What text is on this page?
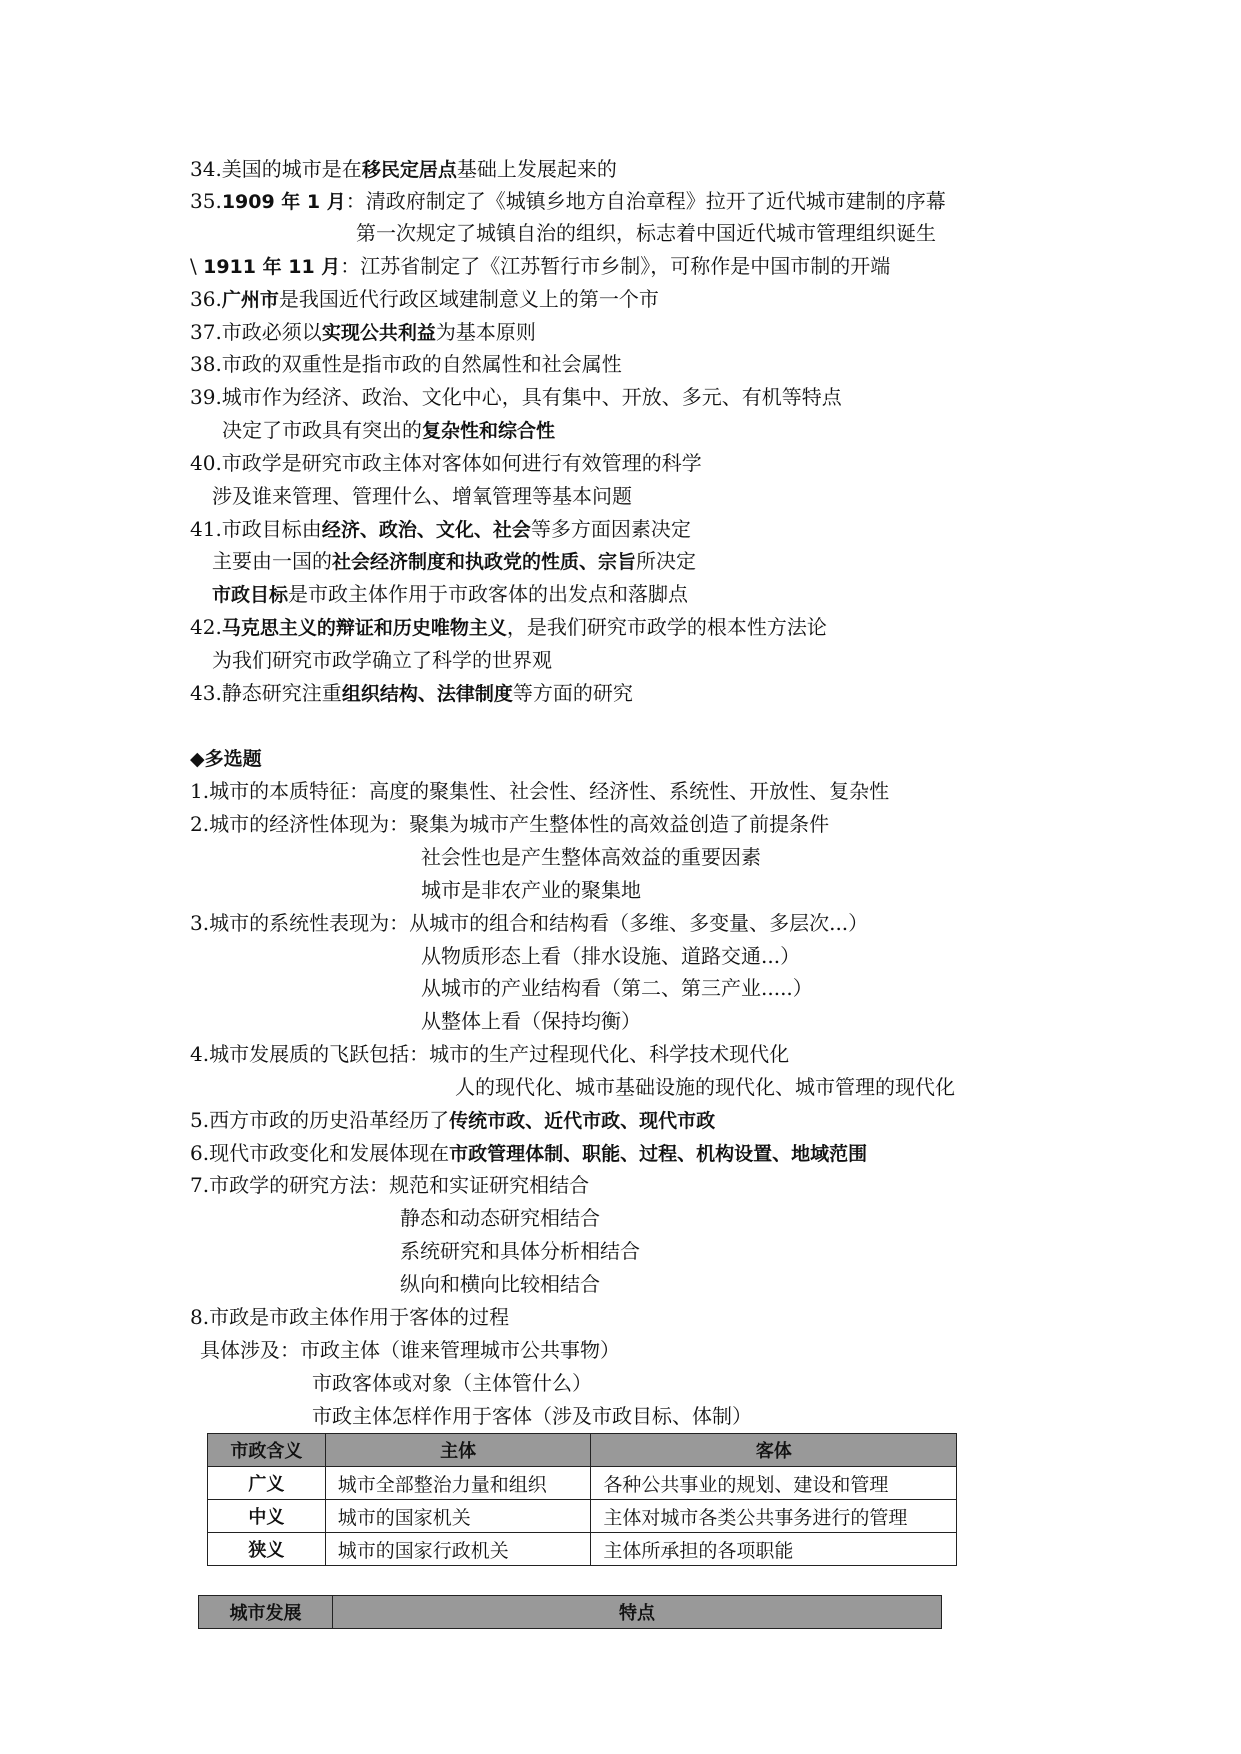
34.美国的城市是在移民定居点基础上发展起来的
35.1909 年 1 月：清政府制定了《城镇乡地方自治章程》拉开了近代城市建制的序幕
第一次规定了城镇自治的组织，标志着中国近代城市管理组织诞生
\ 1911 年 11 月：江苏省制定了《江苏暂行市乡制》，可称作是中国市制的开端
36.广州市是我国近代行政区域建制意义上的第一个市
37.市政必须以实现公共利益为基本原则
38.市政的双重性是指市政的自然属性和社会属性
39.城市作为经济、政治、文化中心，具有集中、开放、多元、有机等特点
决定了市政具有突出的复杂性和综合性
40.市政学是研究市政主体对客体如何进行有效管理的科学
涉及谁来管理、管理什么、增氧管理等基本问题
41.市政目标由经济、政治、文化、社会等多方面因素决定
主要由一国的社会经济制度和执政党的性质、宗旨所决定
市政目标是市政主体作用于市政客体的出发点和落脚点
42.马克思主义的辩证和历史唯物主义，是我们研究市政学的根本性方法论
为我们研究市政学确立了科学的世界观
43.静态研究注重组织结构、法律制度等方面的研究
◆多选题
1.城市的本质特征：高度的聚集性、社会性、经济性、系统性、开放性、复杂性
2.城市的经济性体现为：聚集为城市产生整体性的高效益创造了前提条件
社会性也是产生整体高效益的重要因素
城市是非农产业的聚集地
3.城市的系统性表现为：从城市的组合和结构看（多维、多变量、多层次...）
从物质形态上看（排水设施、道路交通...）
从城市的产业结构看（第二、第三产业.....）
从整体上看（保持均衡）
4.城市发展质的飞跃包括：城市的生产过程现代化、科学技术现代化
人的现代化、城市基础设施的现代化、城市管理的现代化
5.西方市政的历史沿革经历了传统市政、近代市政、现代市政
6.现代市政变化和发展体现在市政管理体制、职能、过程、机构设置、地域范围
7.市政学的研究方法：规范和实证研究相结合
静态和动态研究相结合
系统研究和具体分析相结合
纵向和横向比较相结合
8.市政是市政主体作用于客体的过程
具体涉及：市政主体（谁来管理城市公共事物）
市政客体或对象（主体管什么）
市政主体怎样作用于客体（涉及市政目标、体制）
市政含义	主体	客体
广义	城市全部整治力量和组织	各种公共事业的规划、建设和管理
中义	城市的国家机关	主体对城市各类公共事务进行的管理
狭义	城市的国家行政机关	主体所承担的各项职能
城市发展	特点
